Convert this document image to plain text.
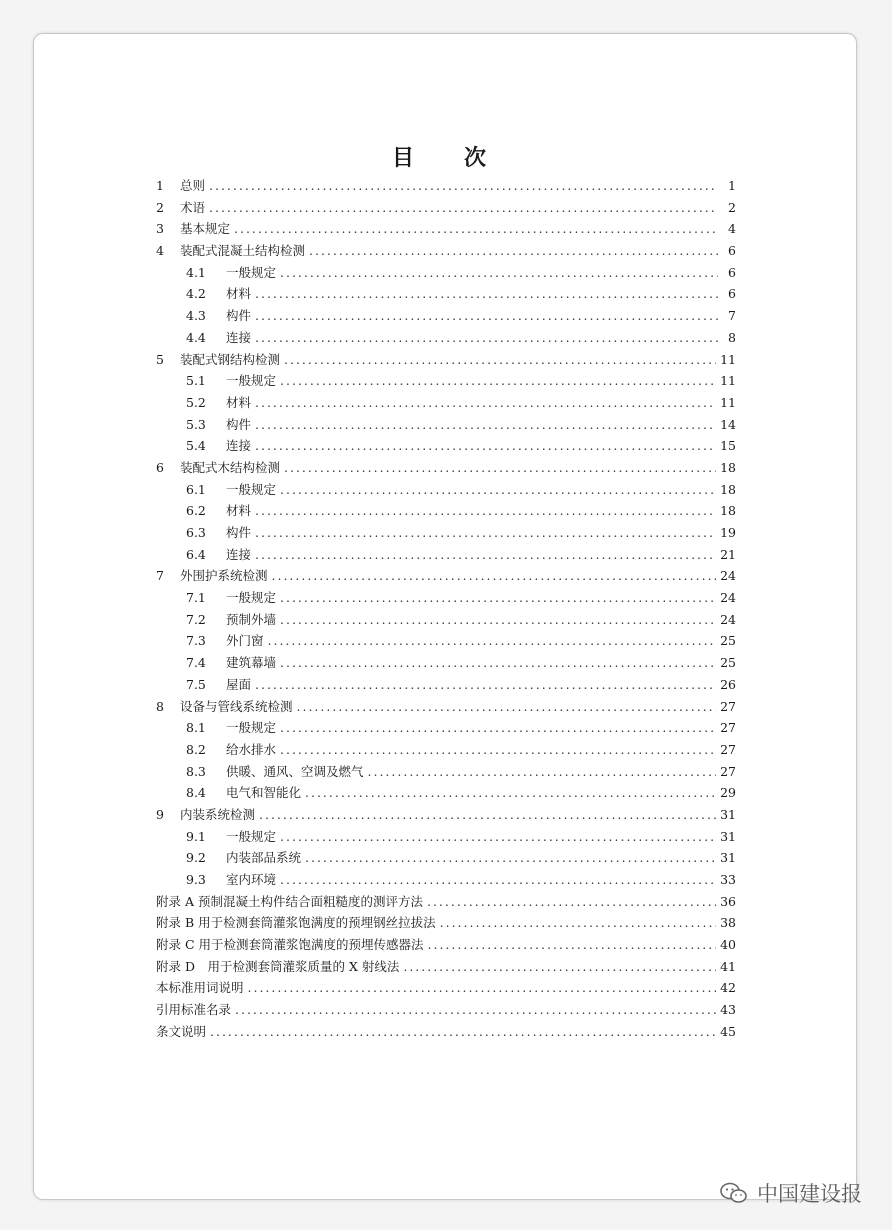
目　次
1	总则 .....	1
2	术语 .....	2
3	基本规定 .....	4
4	装配式混凝土结构检测 .....	6
4.1	一般规定 .....	6
4.2	材料 .....	6
4.3	构件 .....	7
4.4	连接 .....	8
5	装配式钢结构检测 .....	11
5.1	一般规定 .....	11
5.2	材料 .....	11
5.3	构件 .....	14
5.4	连接 .....	15
6	装配式木结构检测 .....	18
6.1	一般规定 .....	18
6.2	材料 .....	18
6.3	构件 .....	19
6.4	连接 .....	21
7	外围护系统检测 .....	24
7.1	一般规定 .....	24
7.2	预制外墙 .....	24
7.3	外门窗 .....	25
7.4	建筑幕墙 .....	25
7.5	屋面 .....	26
8	设备与管线系统检测 .....	27
8.1	一般规定 .....	27
8.2	给水排水 .....	27
8.3	供暖、通风、空调及燃气 .....	27
8.4	电气和智能化 .....	29
9	内装系统检测 .....	31
9.1	一般规定 .....	31
9.2	内装部品系统 .....	31
9.3	室内环境 .....	33
附录 A 预制混凝土构件结合面粗糙度的测评方法 .....	36
附录 B 用于检测套筒灌浆饱满度的预埋钢丝拉拔法 .....	38
附录 C 用于检测套筒灌浆饱满度的预埋传感器法 .....	40
附录 D　用于检测套筒灌浆质量的 X 射线法 .....	41
本标准用词说明 .....	42
引用标准名录 .....	43
条文说明 .....	45
中国建设报
